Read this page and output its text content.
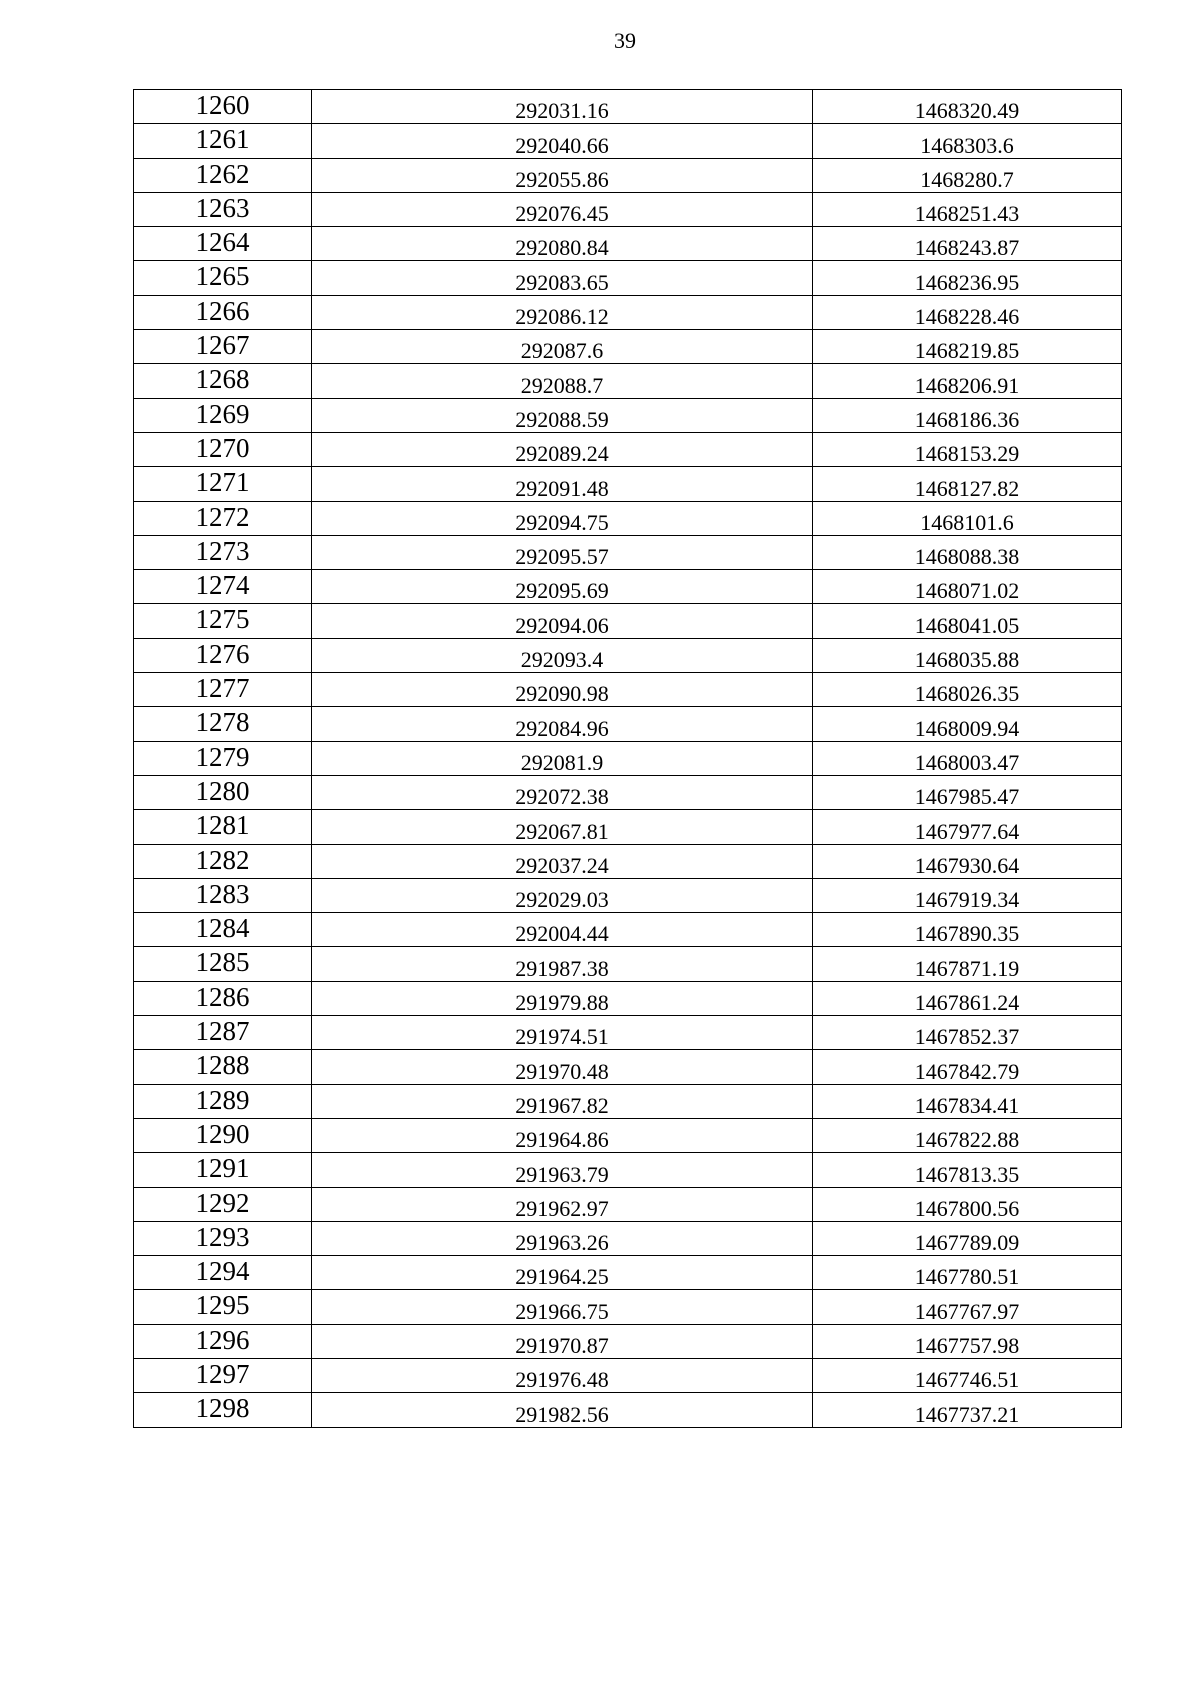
39
1260	292031.16	1468320.49
1261	292040.66	1468303.6
1262	292055.86	1468280.7
1263	292076.45	1468251.43
1264	292080.84	1468243.87
1265	292083.65	1468236.95
1266	292086.12	1468228.46
1267	292087.6	1468219.85
1268	292088.7	1468206.91
1269	292088.59	1468186.36
1270	292089.24	1468153.29
1271	292091.48	1468127.82
1272	292094.75	1468101.6
1273	292095.57	1468088.38
1274	292095.69	1468071.02
1275	292094.06	1468041.05
1276	292093.4	1468035.88
1277	292090.98	1468026.35
1278	292084.96	1468009.94
1279	292081.9	1468003.47
1280	292072.38	1467985.47
1281	292067.81	1467977.64
1282	292037.24	1467930.64
1283	292029.03	1467919.34
1284	292004.44	1467890.35
1285	291987.38	1467871.19
1286	291979.88	1467861.24
1287	291974.51	1467852.37
1288	291970.48	1467842.79
1289	291967.82	1467834.41
1290	291964.86	1467822.88
1291	291963.79	1467813.35
1292	291962.97	1467800.56
1293	291963.26	1467789.09
1294	291964.25	1467780.51
1295	291966.75	1467767.97
1296	291970.87	1467757.98
1297	291976.48	1467746.51
1298	291982.56	1467737.21
